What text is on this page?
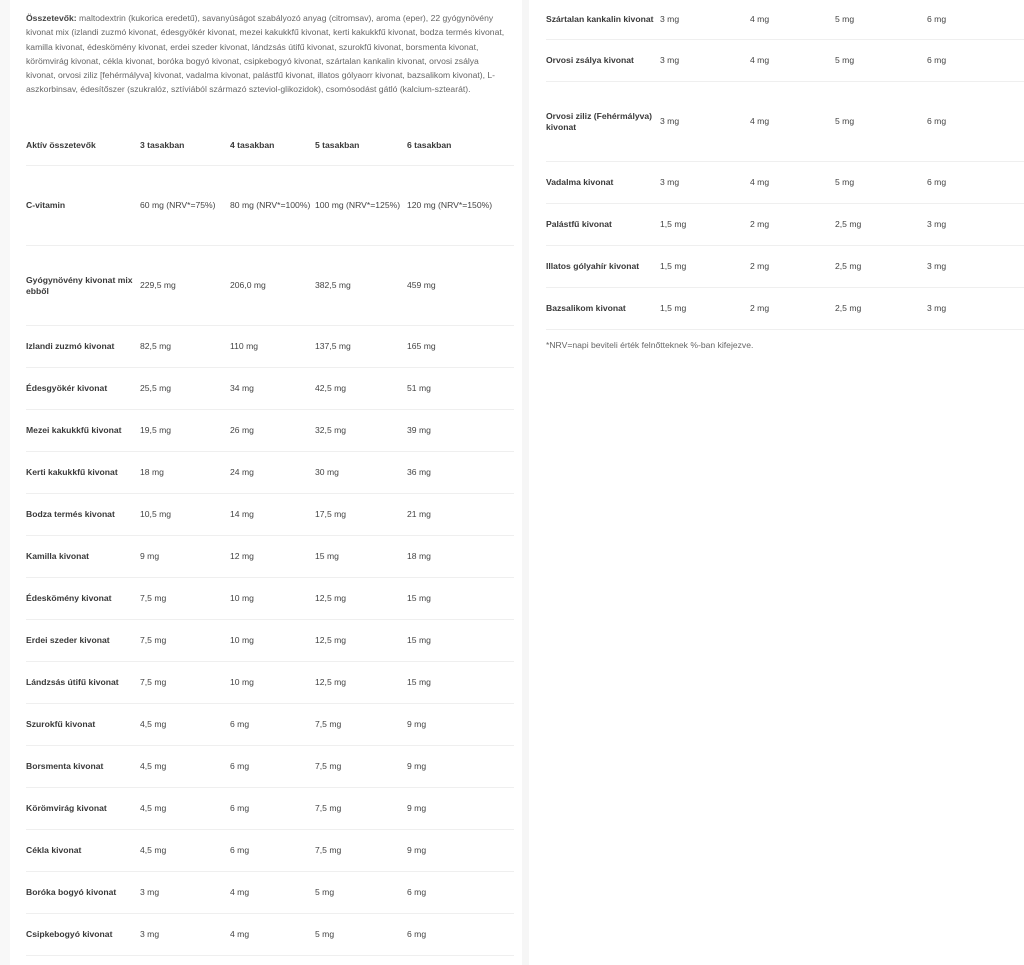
Összetevők: maltodextrin (kukorica eredetű), savanyúságot szabályozó anyag (citromsav), aroma (eper), 22 gyógynövény kivonat mix (izlandi zuzmó kivonat, édesgyökér kivonat, mezei kakukkfű kivonat, kerti kakukkfű kivonat, bodza termés kivonat, kamilla kivonat, édeskömény kivonat, erdei szeder kivonat, lándzsás útifű kivonat, szurokfű kivonat, borsmenta kivonat, körömvirág kivonat, cékla kivonat, boróka bogyó kivonat, csipkebogyó kivonat, szártalan kankalin kivonat, orvosi zsálya kivonat, orvosi ziliz [fehérmályva] kivonat, vadalma kivonat, palástfű kivonat, illatos gólyaorr kivonat, bazsalikom kivonat), L-aszkorbinsav, édesítőszer (szukralóz, sztíviából származó szteviol-glikozidok), csomósodást gátló (kalcium-sztearát).
Aktív összetevők	3 tasakban	4 tasakban	5 tasakban	6 tasakban
C-vitamin	60 mg (NRV*=75%)	80 mg (NRV*=100%)	100 mg (NRV*=125%)	120 mg (NRV*=150%)
Gyógynövény kivonat mix ebből	229,5 mg	206,0 mg	382,5 mg	459 mg
Izlandi zuzmó kivonat	82,5 mg	110 mg	137,5 mg	165 mg
Édesgyökér kivonat	25,5 mg	34 mg	42,5 mg	51 mg
Mezei kakukkfű kivonat	19,5 mg	26 mg	32,5 mg	39 mg
Kerti kakukkfű kivonat	18 mg	24 mg	30 mg	36 mg
Bodza termés kivonat	10,5 mg	14 mg	17,5 mg	21 mg
Kamilla kivonat	9 mg	12 mg	15 mg	18 mg
Édeskömény kivonat	7,5 mg	10 mg	12,5 mg	15 mg
Erdei szeder kivonat	7,5 mg	10 mg	12,5 mg	15 mg
Lándzsás útifű kivonat	7,5 mg	10 mg	12,5 mg	15 mg
Szurokfű kivonat	4,5 mg	6 mg	7,5 mg	9 mg
Borsmenta kivonat	4,5 mg	6 mg	7,5 mg	9 mg
Körömvirág kivonat	4,5 mg	6 mg	7,5 mg	9 mg
Cékla kivonat	4,5 mg	6 mg	7,5 mg	9 mg
Boróka bogyó kivonat	3 mg	4 mg	5 mg	6 mg
Csipkebogyó kivonat	3 mg	4 mg	5 mg	6 mg
Szártalan kankalin kivonat	3 mg	4 mg	5 mg	6 mg
Orvosi zsálya kivonat	3 mg	4 mg	5 mg	6 mg
Orvosi ziliz (Fehérmályva) kivonat	3 mg	4 mg	5 mg	6 mg
Vadalma kivonat	3 mg	4 mg	5 mg	6 mg
Palástfű kivonat	1,5 mg	2 mg	2,5 mg	3 mg
Illatos gólyahír kivonat	1,5 mg	2 mg	2,5 mg	3 mg
Bazsalikom kivonat	1,5 mg	2 mg	2,5 mg	3 mg
*NRV=napi beviteli érték felnőtteknek %-ban kifejezve.
